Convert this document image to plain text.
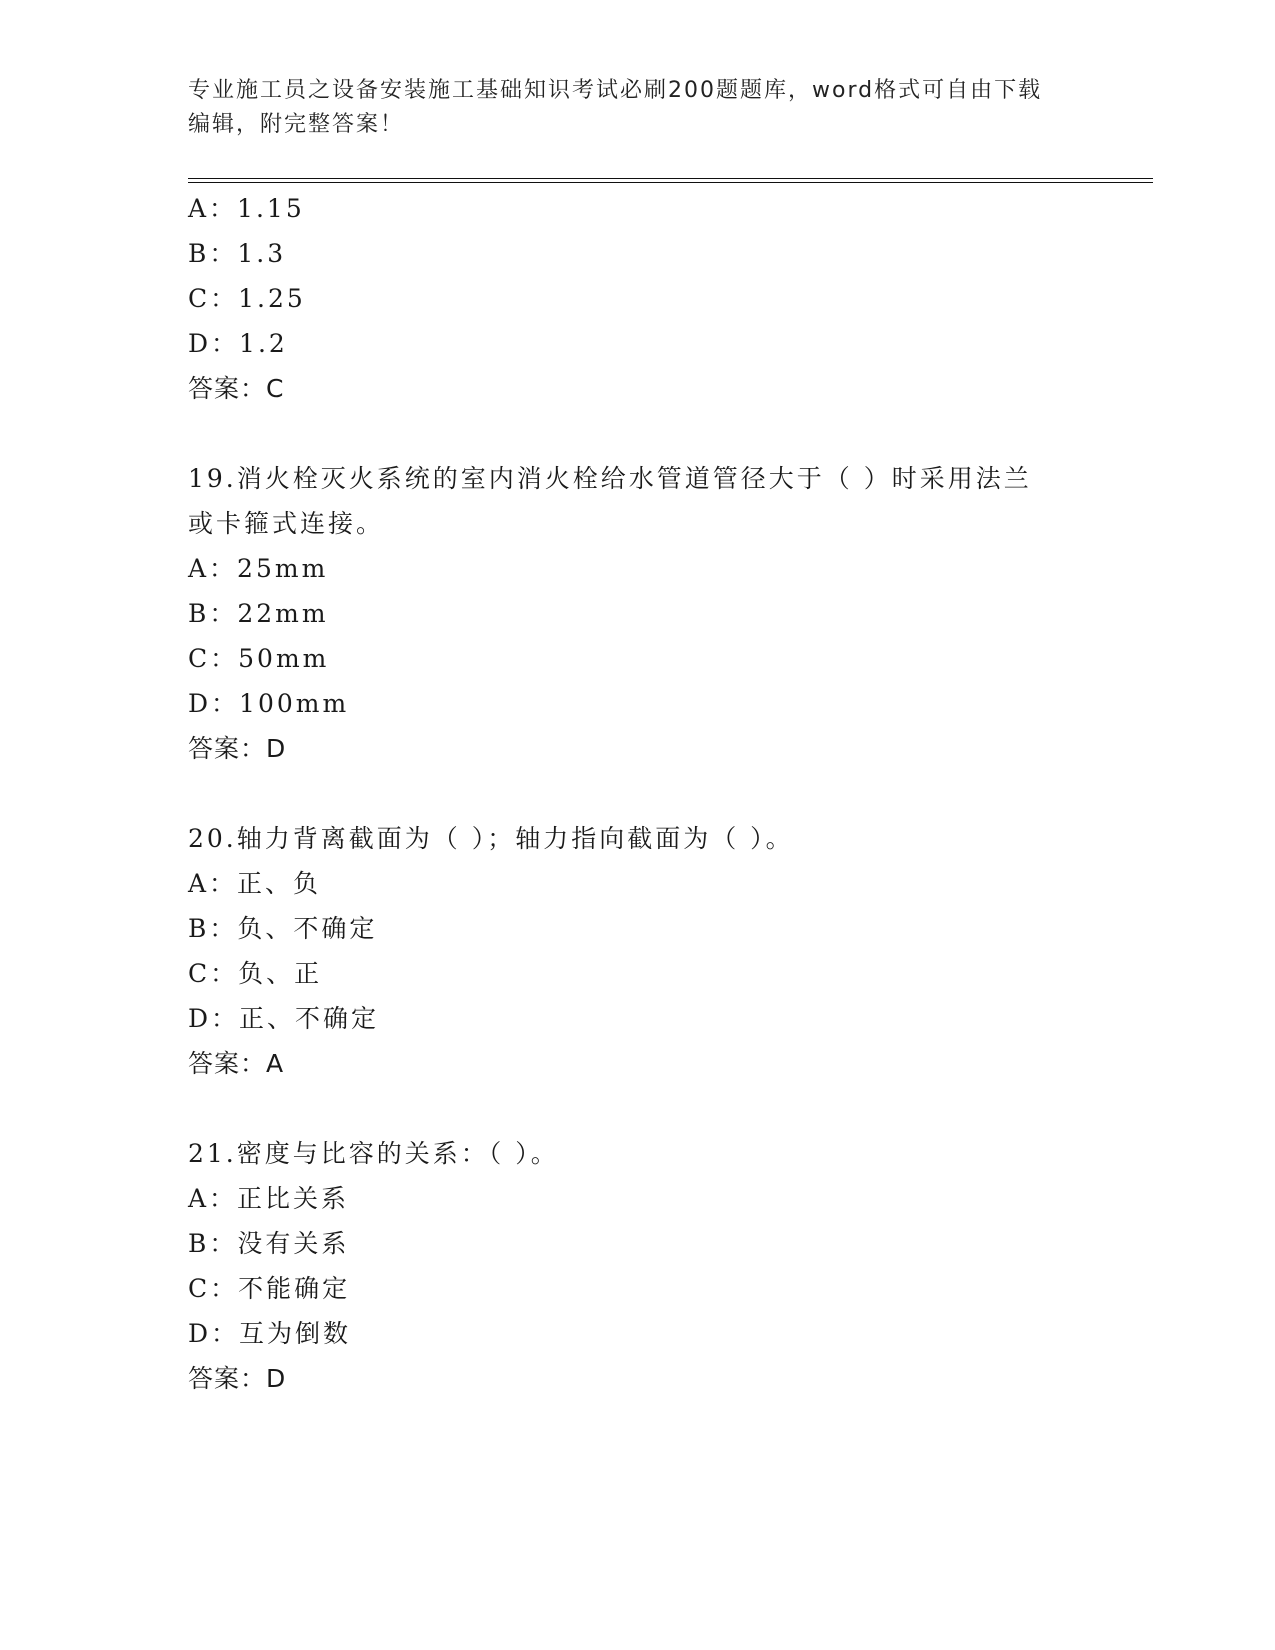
专业施工员之设备安装施工基础知识考试必刷200题题库，word格式可自由下载
编辑，附完整答案！
A：1.15
B：1.3
C：1.25
D：1.2
答案：C
19.消火栓灭火系统的室内消火栓给水管道管径大于（ ）时采用法兰
或卡箍式连接。
A：25mm
B：22mm
C：50mm
D：100mm
答案：D
20.轴力背离截面为（ ）；轴力指向截面为（ ）。
A：正、负
B：负、不确定
C：负、正
D：正、不确定
答案：A
21.密度与比容的关系：（ ）。
A：正比关系
B：没有关系
C：不能确定
D：互为倒数
答案：D
